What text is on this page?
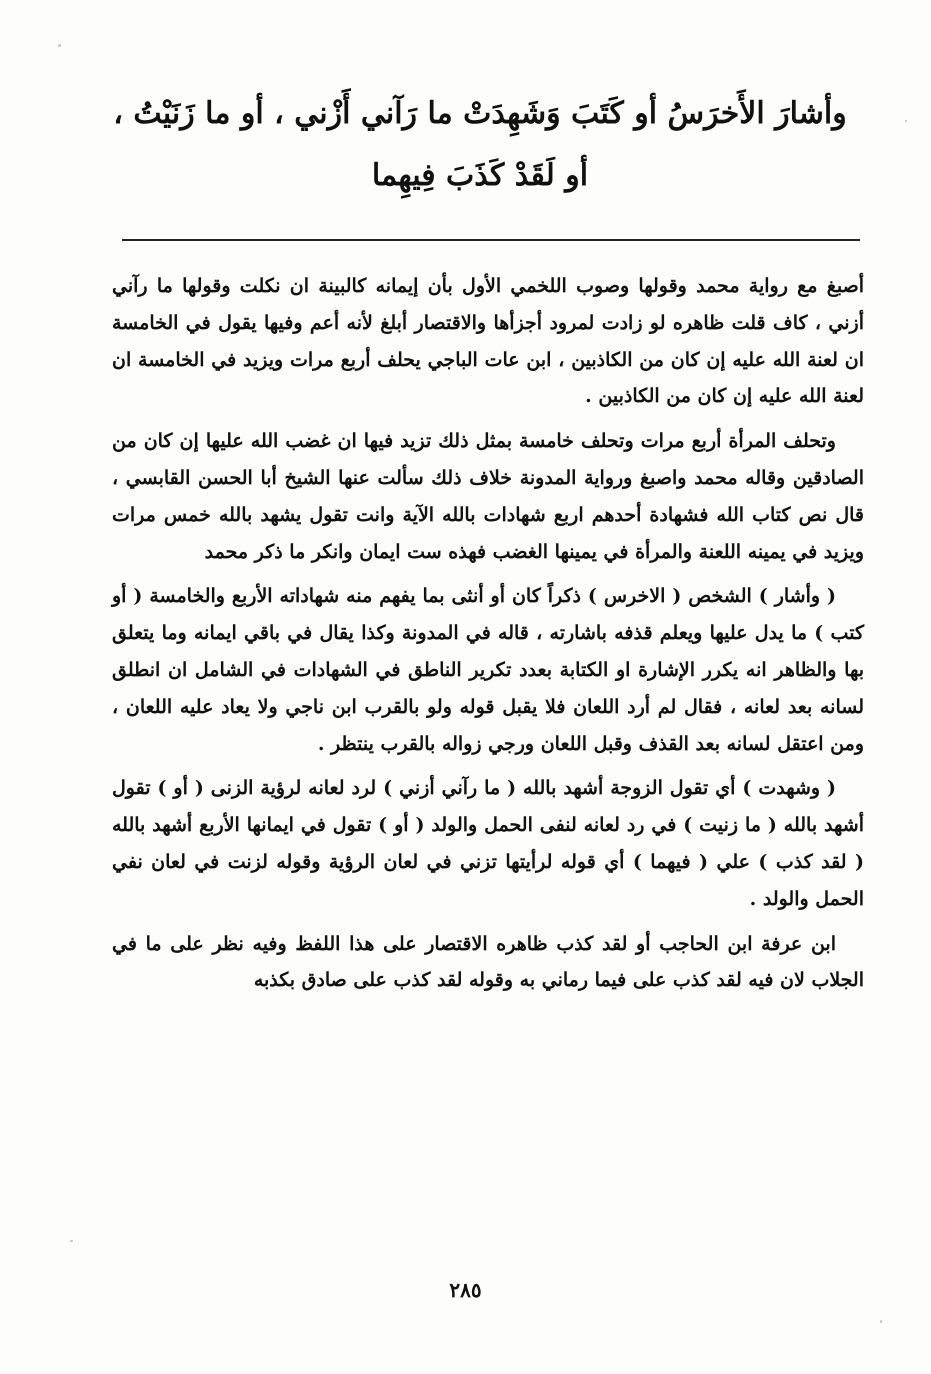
وأشارَ الأَخرَسُ أو كَتَبَ وَشَهِدَتْ ما رَآني أَزْني ، أو ما زَنَيْتُ ،
أو لَقَدْ كَذَبَ فِيهِما

أصبغ مع رواية محمد وقولها وصوب اللخمي الأول بأن إيمانه كالبينة ان نكلت وقولها ما رآني أزني ، كاف قلت ظاهره لو زادت لمرود أجزأها والاقتصار أبلغ لأنه أعم وفيها يقول في الخامسة ان لعنة الله عليه إن كان من الكاذبين ، ابن عات الباجي يحلف أربع مرات ويزيد في الخامسة ان لعنة الله عليه إن كان من الكاذبين .

وتحلف المرأة أربع مرات وتحلف خامسة بمثل ذلك تزيد فيها ان غضب الله عليها إن كان من الصادقين وقاله محمد واصبغ ورواية المدونة خلاف ذلك سألت عنها الشيخ أبا الحسن القابسي ، قال نص كتاب الله فشهادة أحدهم اربع شهادات بالله الآية وانت تقول يشهد بالله خمس مرات ويزيد في يمينه اللعنة والمرأة في يمينها الغضب فهذه ست ايمان وانكر ما ذكر محمد

( وأشار ) الشخص ( الاخرس ) ذكراً كان أو أنثى بما يفهم منه شهاداته الأربع والخامسة ( أو كتب ) ما يدل عليها ويعلم قذفه باشارته ، قاله في المدونة وكذا يقال في باقي ايمانه وما يتعلق بها والظاهر انه يكرر الإشارة او الكتابة بعدد تكرير الناطق في الشهادات في الشامل ان انطلق لسانه بعد لعانه ، فقال لم أرد اللعان فلا يقبل قوله ولو بالقرب ابن ناجي ولا يعاد عليه اللعان ، ومن اعتقل لسانه بعد القذف وقبل اللعان ورجي زواله بالقرب ينتظر .

( وشهدت ) أي تقول الزوجة أشهد بالله ( ما رآني أزني ) لرد لعانه لرؤية الزنى ( أو ) تقول أشهد بالله ( ما زنيت ) في رد لعانه لنفى الحمل والولد ( أو ) تقول في ايمانها الأربع أشهد بالله ( لقد كذب ) علي ( فيهما ) أي قوله لرأيتها تزني في لعان الرؤية وقوله لزنت في لعان نفي الحمل والولد .

ابن عرفة ابن الحاجب أو لقد كذب ظاهره الاقتصار على هذا اللفظ وفيه نظر على ما في الجلاب لان فيه لقد كذب على فيما رماني به وقوله لقد كذب على صادق بكذبه

٢٨٥
